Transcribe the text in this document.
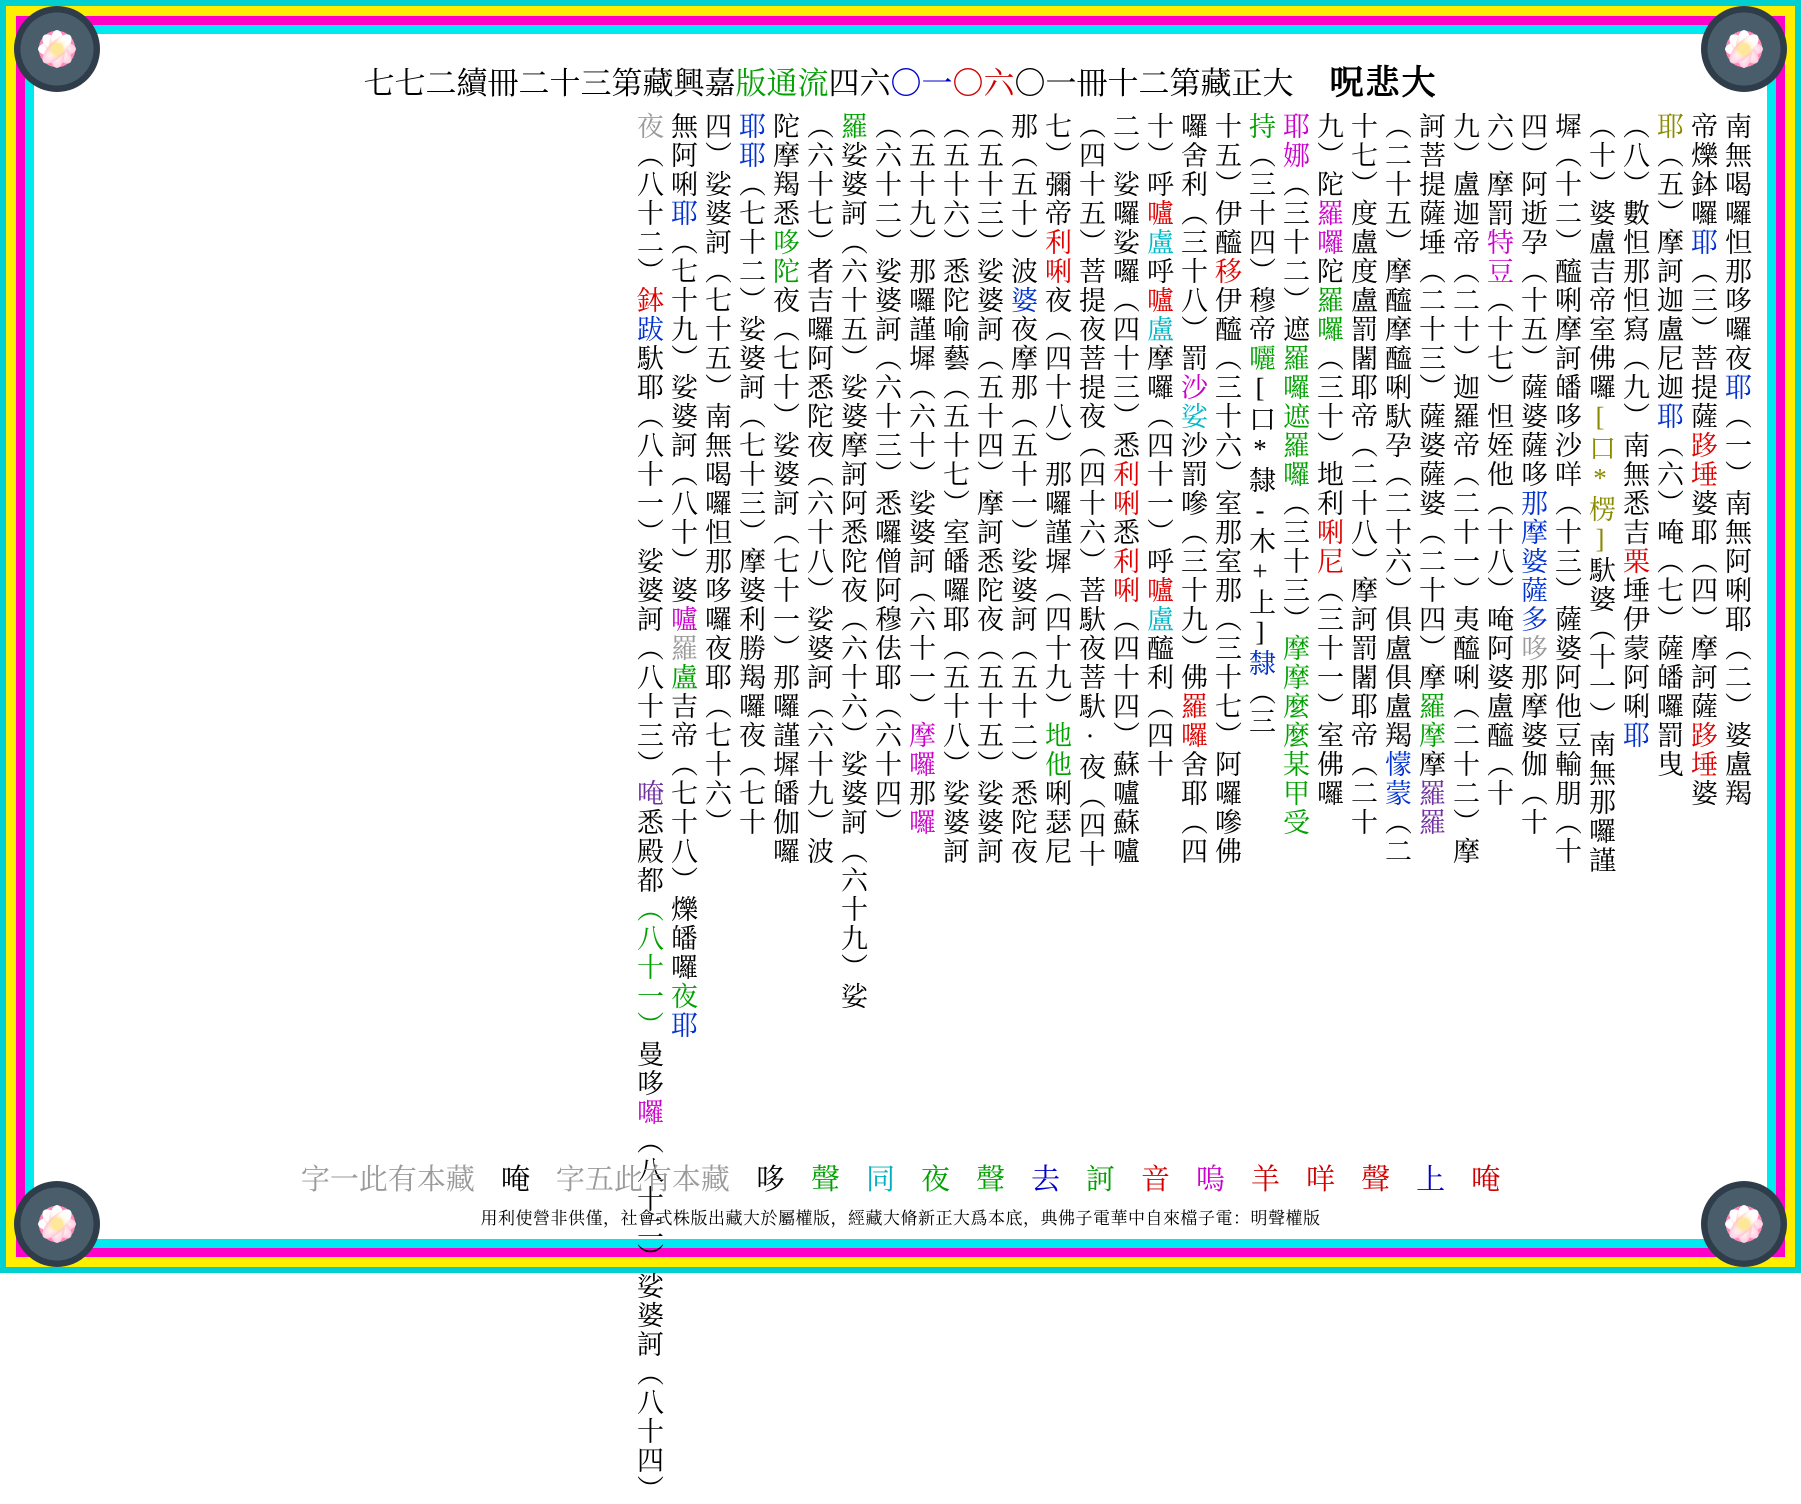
七七二續冊二十三第藏興嘉版通流四六〇一〇六〇一冊十二第藏正大 呪悲大
南無喝囉怛那哆囉夜耶（一）南無阿唎耶（二）婆盧羯
帝爍鉢囉耶（三）菩提薩跢埵婆耶（四）摩訶薩跢埵婆
耶（五）摩訶迦盧尼迦耶（六）唵（七）薩皤囉罰曳
（八）數怛那怛寫（九）南無悉吉栗埵伊蒙阿唎耶
（十）婆盧吉帝室佛囉[口*楞]馱婆（十一）南無那囉謹
墀（十二）醯唎摩訶皤哆沙咩（十三）薩婆阿他豆輸朋（十
四）阿逝孕（十五）薩婆薩哆那摩婆薩多哆那摩婆伽（十
六）摩罰特豆（十七）怛姪他（十八）唵阿婆盧醯（十
九）盧迦帝（二十）迦羅帝（二十一）夷醯唎（二十二）摩
訶菩提薩埵（二十三）薩婆薩婆（二十四）摩羅摩摩羅羅
（二十五）摩醯摩醯唎馱孕（二十六）俱盧俱盧羯懞蒙（二
十七）度盧度盧罰闍耶帝（二十八）摩訶罰闍耶帝（二十
九）陀羅囉陀羅囉（三十）地利唎尼（三十一）室佛囉
耶娜（三十二）遮羅囉遮羅囉（三十三）摩摩麼麼某甲受
持（三十四）穆帝囇[口*隸-木+上]隸（三
十五）伊醯移伊醯（三十六）室那室那（三十七）阿囉嘇佛
囉舍利（三十八）罰沙娑沙罰嘇（三十九）佛羅囉舍耶（四
十）呼嚧盧呼嚧盧摩囉（四十一）呼嚧盧醯利（四十
二）娑囉娑囉（四十三）悉利唎悉利唎（四十四）蘇嚧蘇嚧
（四十五）菩提夜菩提夜（四十六）菩馱夜菩馱·夜（四十
七）彌帝利唎夜（四十八）那囉謹墀（四十九）地他唎瑟尼
那（五十）波婆夜摩那（五十一）娑婆訶（五十二）悉陀夜
（五十三）娑婆訶（五十四）摩訶悉陀夜（五十五）娑婆訶
（五十六）悉陀喻藝（五十七）室皤囉耶（五十八）娑婆訶
（五十九）那囉謹墀（六十）娑婆訶（六十一）摩囉那囉
（六十二）娑婆訶（六十三）悉囉僧阿穆佉耶（六十四）
羅娑婆訶（六十五）娑婆摩訶阿悉陀夜（六十六）娑婆訶（六十九）娑
（六十七）者吉囉阿悉陀夜（六十八）娑婆訶（六十九）波
陀摩羯悉哆陀夜（七十）娑婆訶（七十一）那囉謹墀皤伽囉
耶耶（七十二）娑婆訶（七十三）摩婆利勝羯囉夜（七十
四）娑婆訶（七十五）南無喝囉怛那哆囉夜耶（七十六）
無阿唎耶（七十九）娑婆訶（八十）婆嚧羅盧吉帝（七十八）爍皤囉夜耶
夜（八十二）鉢跋馱耶（八十一）娑婆訶（八十三）唵悉殿都（八十一）曼哆囉（八十二）娑婆訶（八十四）
字一此有本藏 唵 字五此有本藏 哆 聲 同 夜 聲 去 訶 音 嗚 羊 咩 聲 上 唵
用利使營非供僅，社會式株版出藏大於屬權版，經藏大脩新正大爲本底，典佛子電華中自來檔子電：明聲權版
